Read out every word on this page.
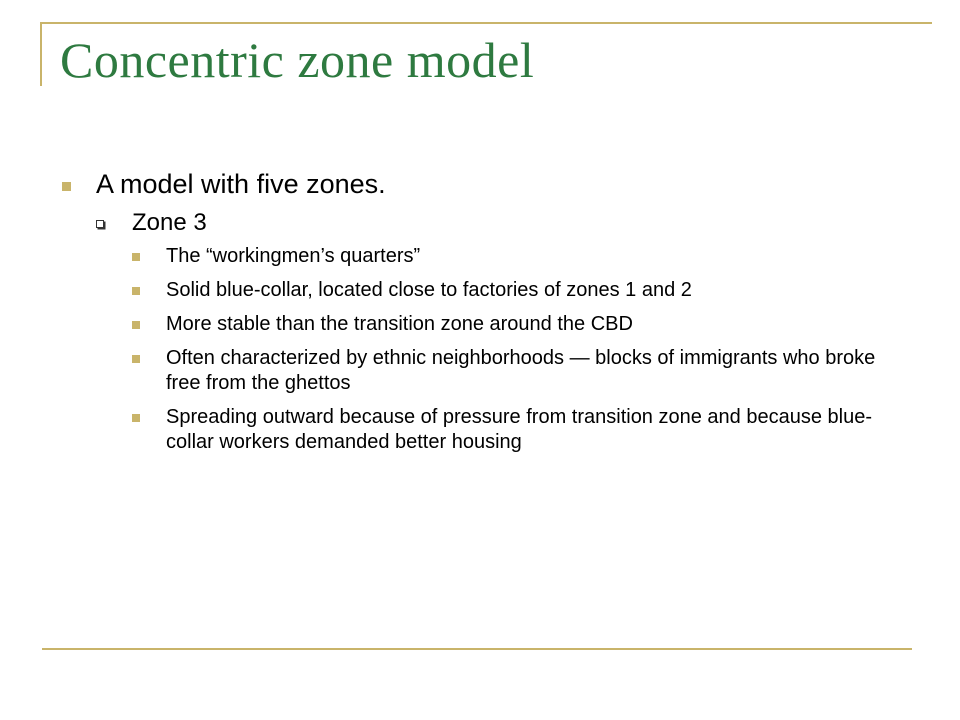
Concentric zone model
A model with five zones.
Zone 3
The “workingmen’s quarters”
Solid blue-collar, located close to factories of zones 1 and 2
More stable than the transition zone around the CBD
Often characterized by ethnic neighborhoods — blocks of immigrants who broke free from the ghettos
Spreading outward because of pressure from transition zone and because blue-collar workers demanded better housing
